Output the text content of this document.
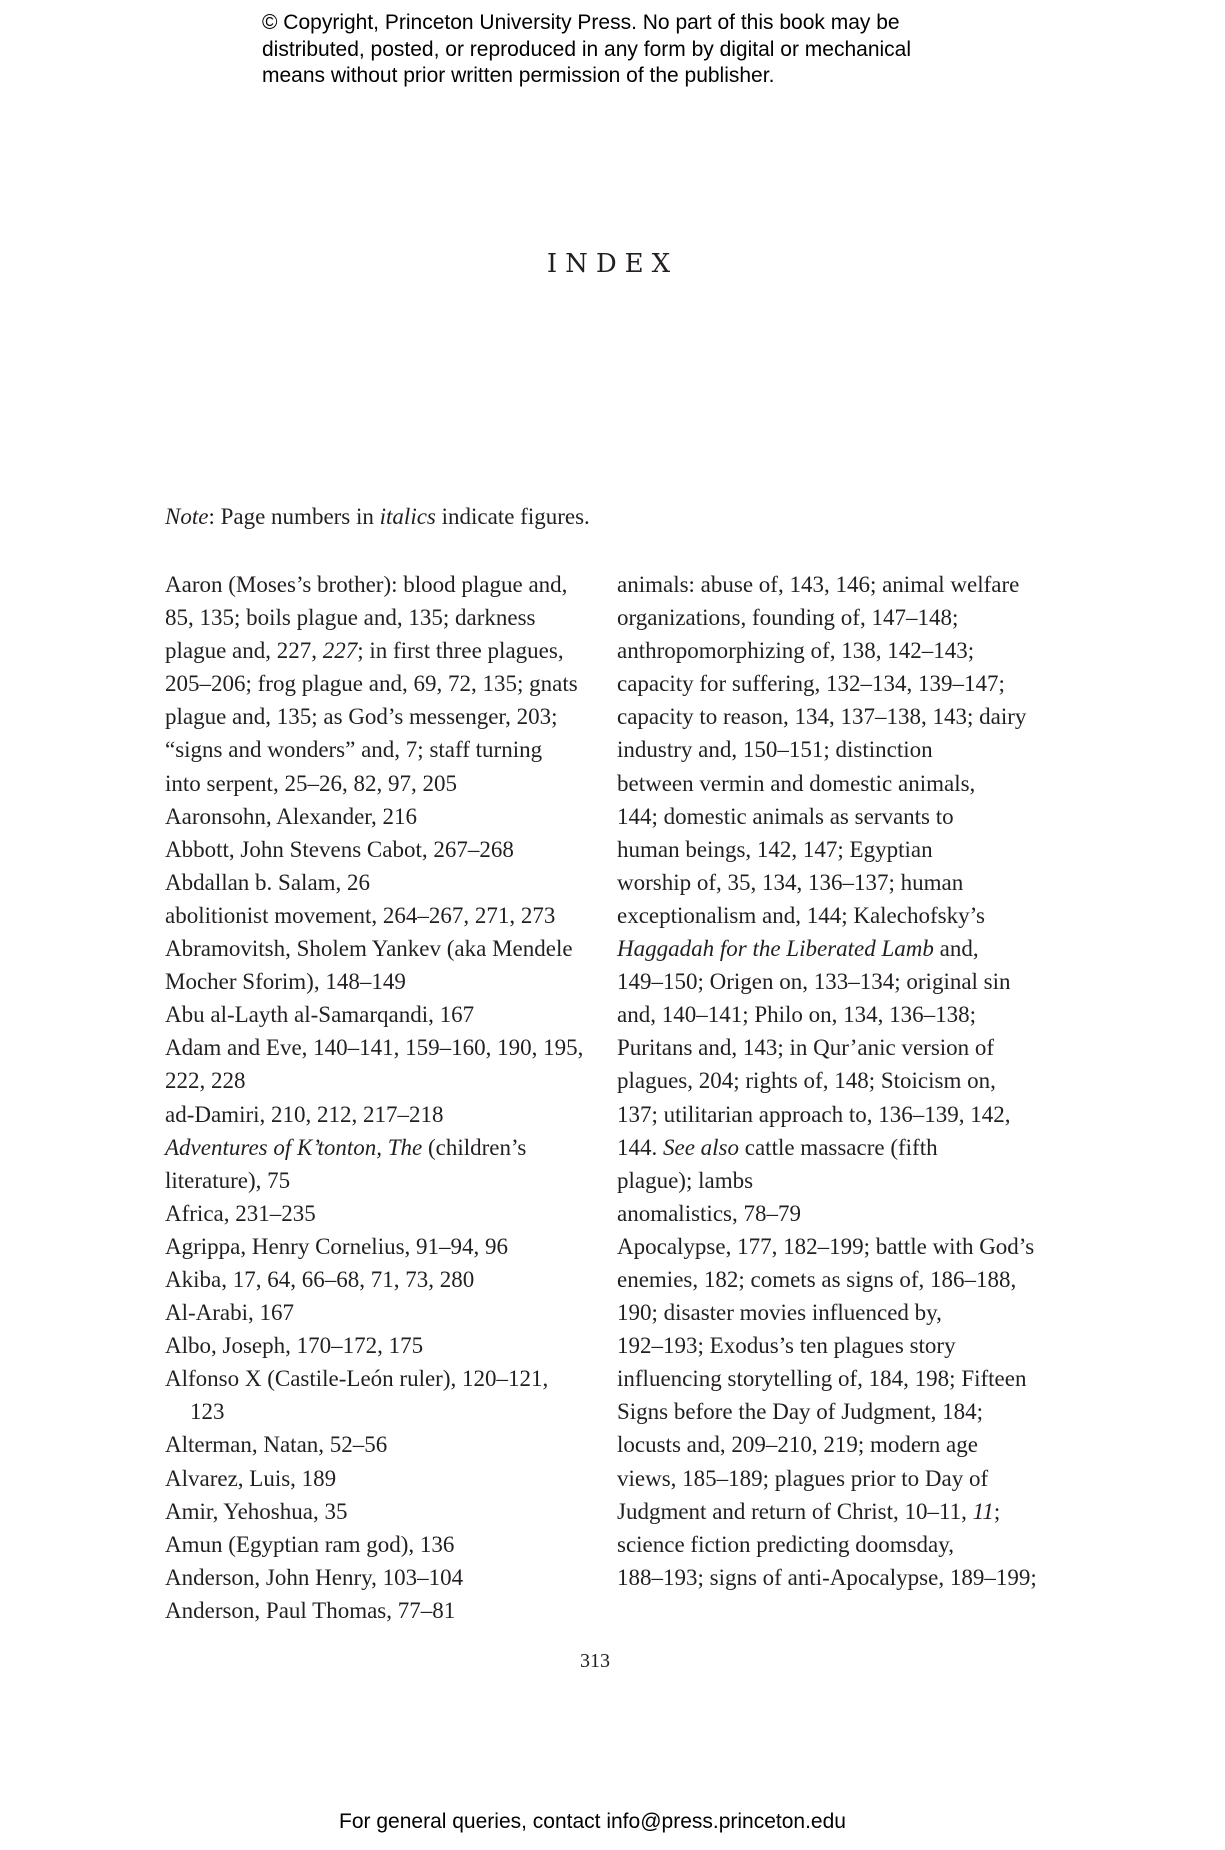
© Copyright, Princeton University Press. No part of this book may be
distributed, posted, or reproduced in any form by digital or mechanical
means without prior written permission of the publisher.
INDEX
Note: Page numbers in italics indicate figures.
Aaron (Moses’s brother): blood plague and,
85, 135; boils plague and, 135; darkness
plague and, 227, 227; in first three plagues,
205–206; frog plague and, 69, 72, 135; gnats
plague and, 135; as God’s messenger, 203;
“signs and wonders” and, 7; staff turning
into serpent, 25–26, 82, 97, 205
Aaronsohn, Alexander, 216
Abbott, John Stevens Cabot, 267–268
Abdallan b. Salam, 26
abolitionist movement, 264–267, 271, 273
Abramovitsh, Sholem Yankev (aka Mendele
Mocher Sforim), 148–149
Abu al-Layth al-Samarqandi, 167
Adam and Eve, 140–141, 159–160, 190, 195,
222, 228
ad-Damiri, 210, 212, 217–218
Adventures of K’tonton, The (children’s
literature), 75
Africa, 231–235
Agrippa, Henry Cornelius, 91–94, 96
Akiba, 17, 64, 66–68, 71, 73, 280
Al-Arabi, 167
Albo, Joseph, 170–172, 175
Alfonso X (Castile-León ruler), 120–121, 123
Alterman, Natan, 52–56
Alvarez, Luis, 189
Amir, Yehoshua, 35
Amun (Egyptian ram god), 136
Anderson, John Henry, 103–104
Anderson, Paul Thomas, 77–81
animals: abuse of, 143, 146; animal welfare
organizations, founding of, 147–148;
anthropomorphizing of, 138, 142–143;
capacity for suffering, 132–134, 139–147;
capacity to reason, 134, 137–138, 143; dairy
industry and, 150–151; distinction
between vermin and domestic animals,
144; domestic animals as servants to
human beings, 142, 147; Egyptian
worship of, 35, 134, 136–137; human
exceptionalism and, 144; Kalechofsky’s
Haggadah for the Liberated Lamb and,
149–150; Origen on, 133–134; original sin
and, 140–141; Philo on, 134, 136–138;
Puritans and, 143; in Qur’anic version of
plagues, 204; rights of, 148; Stoicism on,
137; utilitarian approach to, 136–139, 142,
144. See also cattle massacre (fifth
plague); lambs
anomalistics, 78–79
Apocalypse, 177, 182–199; battle with God’s
enemies, 182; comets as signs of, 186–188,
190; disaster movies influenced by,
192–193; Exodus’s ten plagues story
influencing storytelling of, 184, 198; Fifteen
Signs before the Day of Judgment, 184;
locusts and, 209–210, 219; modern age
views, 185–189; plagues prior to Day of
Judgment and return of Christ, 10–11, 11;
science fiction predicting doomsday,
188–193; signs of anti-Apocalypse, 189–199;
313
For general queries, contact info@press.princeton.edu
